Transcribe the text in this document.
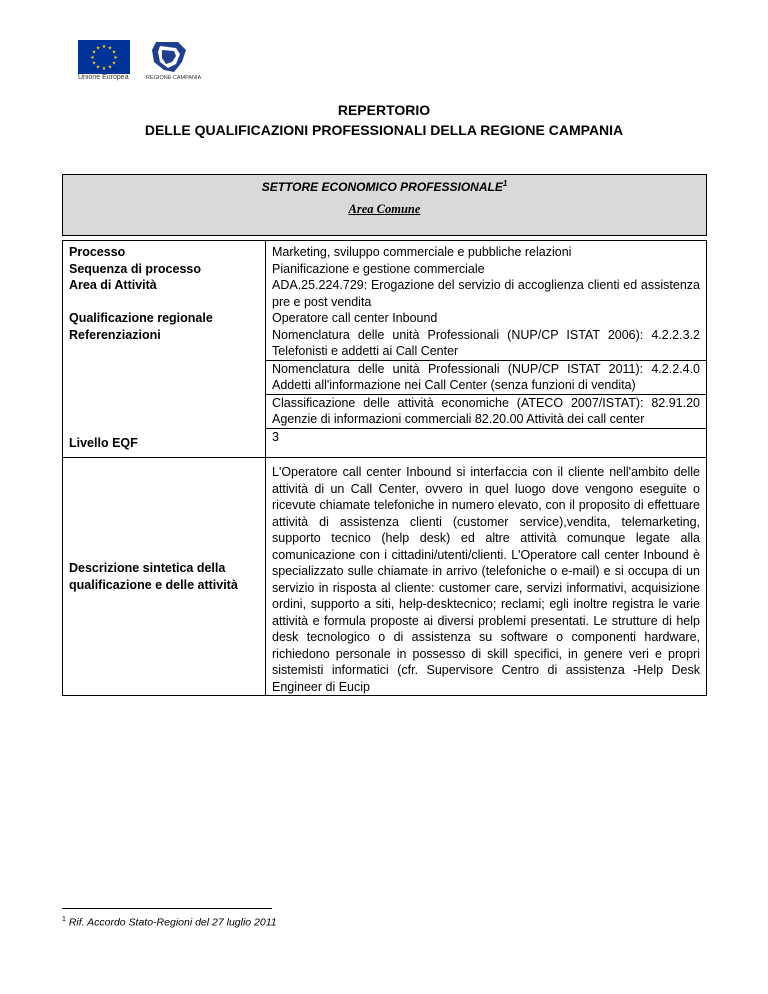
★ ★
★
★
★
★
★
★
★
★
★
★
Unione Europea	REGIONE CAMPANIA
REPERTORIO
DELLE QUALIFICAZIONI PROFESSIONALI DELLA REGIONE CAMPANIA
SETTORE ECONOMICO PROFESSIONALE$^1$
Area Comune
Processo	Marketing, sviluppo commerciale e pubbliche relazioni
Sequenza di processo	Pianificazione e gestione commerciale
Area di Attività	ADA.25.224.729: Erogazione del servizio di accoglienza clienti ed assistenza pre e post vendita
Qualificazione regionale	Operatore call center Inbound
Referenziazioni	Nomenclatura delle unità Professionali (NUP/CP ISTAT 2006): 4.2.2.3.2 Telefonisti e addetti ai Call Center
Nomenclatura delle unità Professionali (NUP/CP ISTAT 2011): 4.2.2.4.0 Addetti all'informazione nei Call Center (senza funzioni di vendita)
Classificazione delle attività economiche (ATECO 2007/ISTAT): 82.91.20 Agenzie di informazioni commerciali 82.20.00 Attività dei call center

Livello EQF	3
Descrizione sintetica della qualificazione e delle attività	L'Operatore call center Inbound si interfaccia con il cliente nell'ambito delle attività di un Call Center, ovvero in quel luogo dove vengono eseguite o ricevute chiamate telefoniche in numero elevato, con il proposito di effettuare attività di assistenza clienti (customer service),vendita, telemarketing, supporto tecnico (help desk) ed altre attività comunque legate alla comunicazione con i cittadini/utenti/clienti. L'Operatore call center Inbound è specializzato sulle chiamate in arrivo (telefoniche o e-mail) e si occupa di un servizio in risposta al cliente: customer care, servizi informativi, acquisizione ordini, supporto a siti, help-desktecnico; reclami; egli inoltre registra le varie attività e formula proposte ai diversi problemi presentati. Le strutture di help desk tecnologico o di assistenza su software o componenti hardware, richiedono personale in possesso di skill specifici, in genere veri e propri sistemisti informatici (cfr. Supervisore Centro di assistenza -Help Desk Engineer di Eucip
$^1$ Rif. Accordo Stato-Regioni del 27 luglio 2011
